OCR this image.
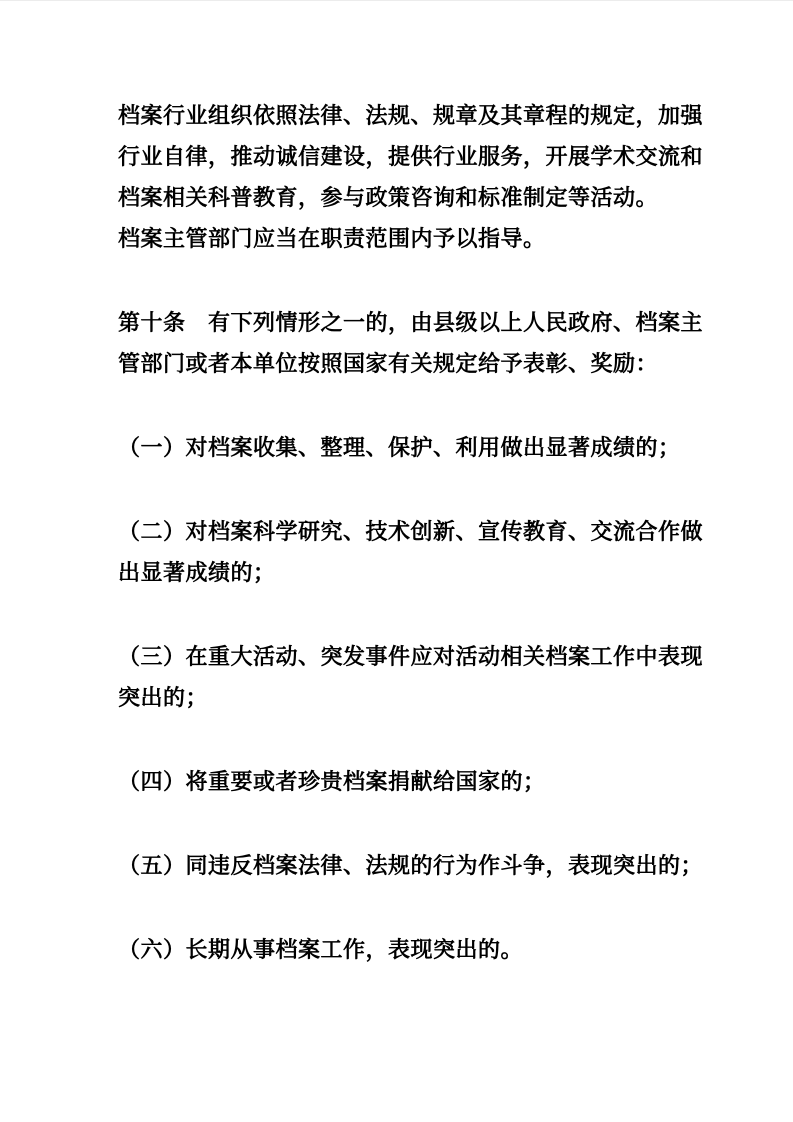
档案行业组织依照法律、法规、规章及其章程的规定，加强
行业自律，推动诚信建设，提供行业服务，开展学术交流和
档案相关科普教育，参与政策咨询和标准制定等活动。

档案主管部门应当在职责范围内予以指导。

第十条　有下列情形之一的，由县级以上人民政府、档案主
管部门或者本单位按照国家有关规定给予表彰、奖励：

（一）对档案收集、整理、保护、利用做出显著成绩的；

（二）对档案科学研究、技术创新、宣传教育、交流合作做
出显著成绩的；

（三）在重大活动、突发事件应对活动相关档案工作中表现
突出的；

（四）将重要或者珍贵档案捐献给国家的；

（五）同违反档案法律、法规的行为作斗争，表现突出的；

（六）长期从事档案工作，表现突出的。
